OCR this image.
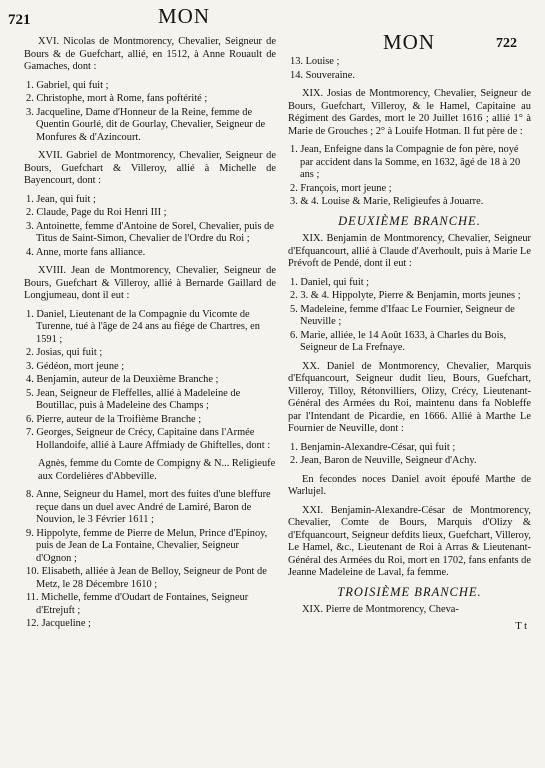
721	MON
MON	722

XVI. Nicolas de Montmorency, Chevalier, Seigneur de Bours & de Guefchart, allié, en 1512, à Anne Rouault de Gamaches, dont :

1. Gabriel, qui fuit ;
2. Christophe, mort à Rome, fans poftérité ;
3. Jacqueline, Dame d'Honneur de la Reine, femme de Quentin Gourlé, dit de Gourlay, Chevalier, Seigneur de Monfures & d'Azincourt.

XVII. Gabriel de Montmorency, Chevalier, Seigneur de Bours, Guefchart & Villeroy, allié à Michelle de Bayencourt, dont :

1. Jean, qui fuit ;
2. Claude, Page du Roi Henri III ;
3. Antoinette, femme d'Antoine de Sorel, Chevalier, puis de Titus de Saint-Simon, Chevalier de l'Ordre du Roi ;
4. Anne, morte fans alliance.

XVIII. Jean de Montmorency, Chevalier, Seigneur de Bours, Guefchart & Villeroy, allié à Bernarde Gaillard de Longjumeau, dont il eut :

1. Daniel, Lieutenant de la Compagnie du Vicomte de Turenne, tué à l'âge de 24 ans au fiége de Chartres, en 1591 ;
2. Josias, qui fuit ;
3. Gédéon, mort jeune ;
4. Benjamin, auteur de la Deuxième Branche ;
5. Jean, Seigneur de Fleffelles, allié à Madeleine de Boutillac, puis à Madeleine des Champs ;
6. Pierre, auteur de la Troifième Branche ;
7. Georges, Seigneur de Crécy, Capitaine dans l'Armée Hollandoife, allié à Laure Affmiady de Ghiftelles, dont :

Agnès, femme du Comte de Compigny & N... Religieufe aux Cordelières d'Abbeville.

8. Anne, Seigneur du Hamel, mort des fuites d'une bleffure reçue dans un duel avec André de Lamiré, Baron de Nouvion, le 3 Février 1611 ;
9. Hippolyte, femme de Pierre de Melun, Prince d'Epinoy, puis de Jean de La Fontaine, Chevalier, Seigneur d'Ognon ;
10. Elisabeth, alliée à Jean de Belloy, Seigneur de Pont de Metz, le 28 Décembre 1610 ;
11. Michelle, femme d'Oudart de Fontaines, Seigneur d'Etrejuft ;
12. Jacqueline ;
13. Louise ;
14. Souveraine.

XIX. Josias de Montmorency, Chevalier, Seigneur de Bours, Guefchart, Villeroy, & le Hamel, Capitaine au Régiment des Gardes, mort le 20 Juillet 1616 ; allié 1° à Marie de Grouches ; 2° à Louife Hotman. Il fut père de :

1. Jean, Enfeigne dans la Compagnie de fon père, noyé par accident dans la Somme, en 1632, âgé de 18 à 20 ans ;
2. François, mort jeune ;
3. & 4. Louise & Marie, Religieufes à Jouarre.
DEUXIÈME BRANCHE.

XIX. Benjamin de Montmorency, Chevalier, Seigneur d'Efquancourt, allié à Claude d'Averhoult, puis à Marie Le Prévoft de Pendé, dont il eut :

1. Daniel, qui fuit ;
2. 3. & 4. Hippolyte, Pierre & Benjamin, morts jeunes ;
5. Madeleine, femme d'Ifaac Le Fournier, Seigneur de Neuville ;
6. Marie, alliée, le 14 Août 1633, à Charles du Bois, Seigneur de La Frefnaye.

XX. Daniel de Montmorency, Chevalier, Marquis d'Efquancourt, Seigneur dudit lieu, Bours, Guefchart, Villeroy, Tilloy, Rétonvilliers, Olizy, Crécy, Lieutenant-Général des Armées du Roi, maintenu dans fa Nobleffe par l'Intendant de Picardie, en 1666. Allié à Marthe Le Fournier de Neuville, dont :

1. Benjamin-Alexandre-César, qui fuit ;
2. Jean, Baron de Neuville, Seigneur d'Achy.

En fecondes noces Daniel avoit époufé Marthe de Warlujel.

XXI. Benjamin-Alexandre-César de Montmorency, Chevalier, Comte de Bours, Marquis d'Olizy & d'Efquancourt, Seigneur defdits lieux, Guefchart, Villeroy, Le Hamel, &c., Lieutenant de Roi à Arras & Lieutenant-Général des Armées du Roi, mort en 1702, fans enfants de Jeanne Madeleine de Laval, fa femme.

TROISIÈME BRANCHE.

XIX. Pierre de Montmorency, Cheva-

T t
